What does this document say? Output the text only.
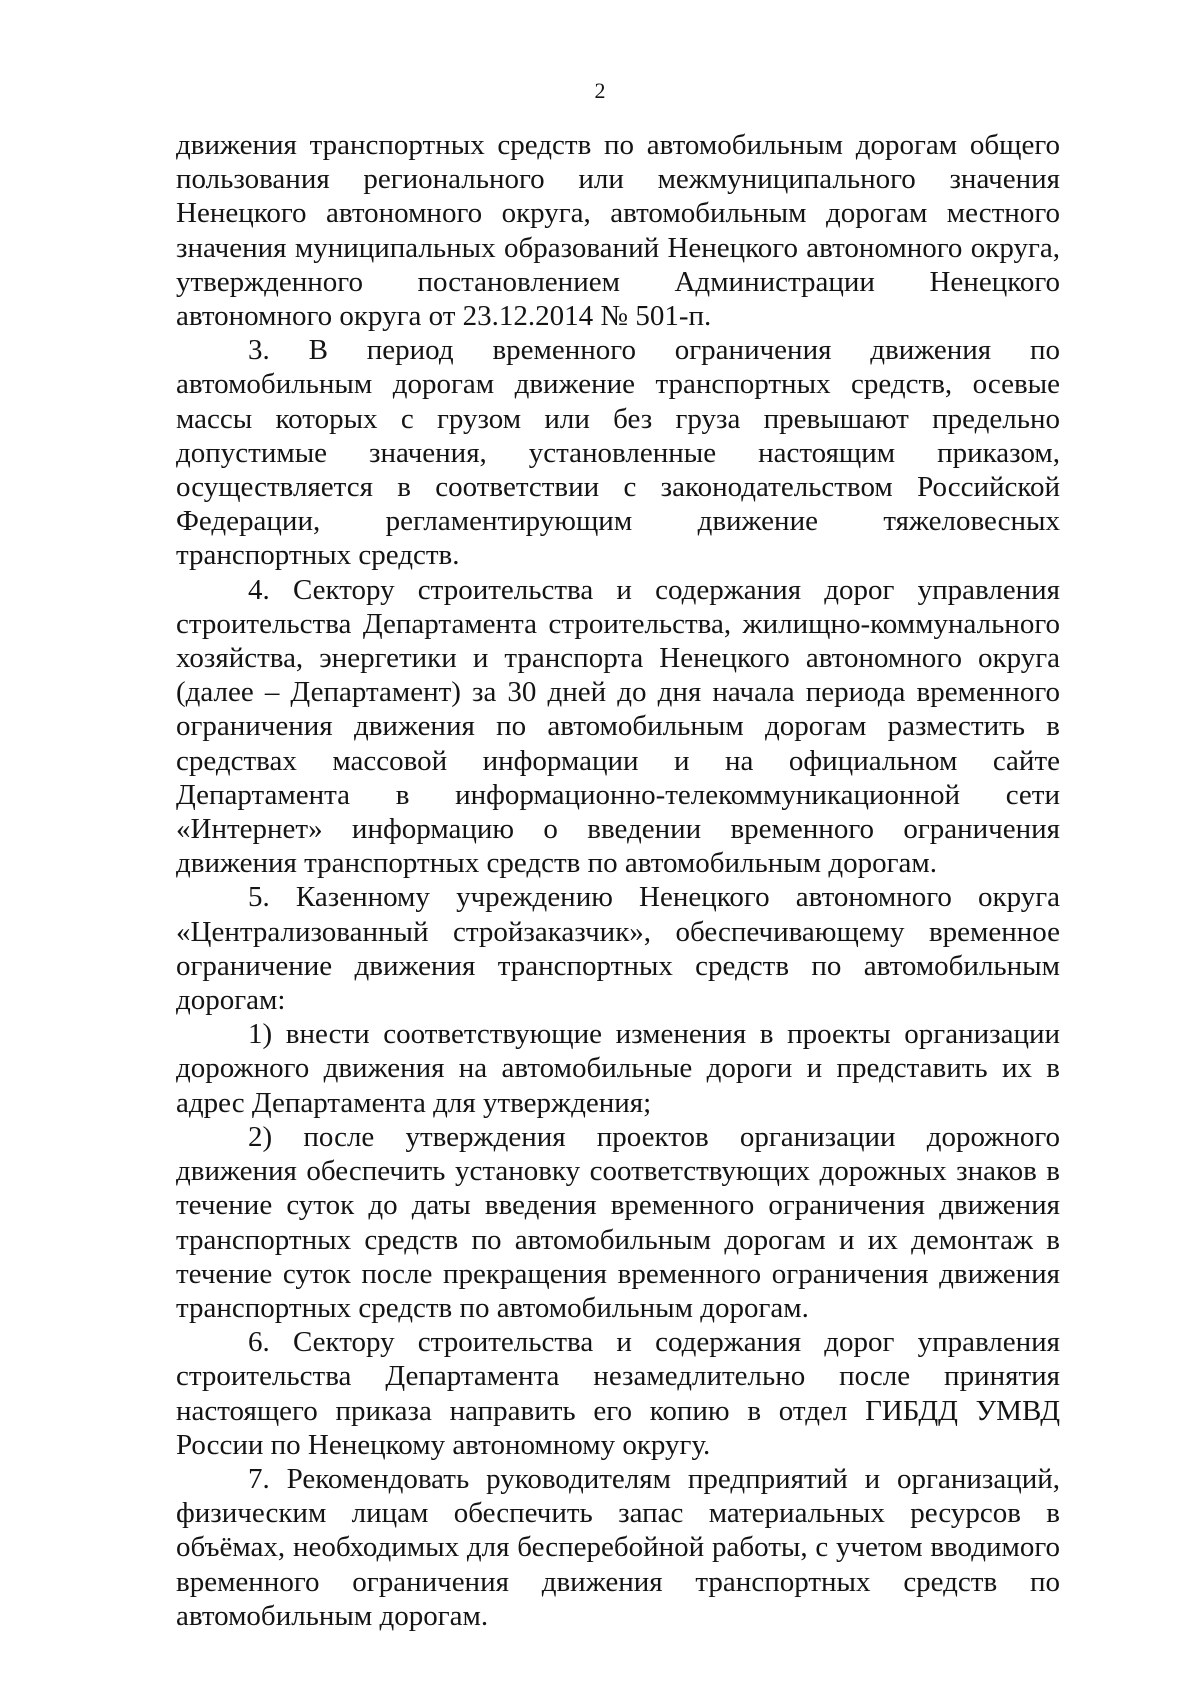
2

движения транспортных средств по автомобильным дорогам общего пользования регионального или межмуниципального значения Ненецкого автономного округа, автомобильным дорогам местного значения муниципальных образований Ненецкого автономного округа, утвержденного постановлением Администрации Ненецкого автономного округа от 23.12.2014 № 501-п.

3. В период временного ограничения движения по автомобильным дорогам движение транспортных средств, осевые массы которых с грузом или без груза превышают предельно допустимые значения, установленные настоящим приказом, осуществляется в соответствии с законодательством Российской Федерации, регламентирующим движение тяжеловесных транспортных средств.

4. Сектору строительства и содержания дорог управления строительства Департамента строительства, жилищно-коммунального хозяйства, энергетики и транспорта Ненецкого автономного округа (далее – Департамент) за 30 дней до дня начала периода временного ограничения движения по автомобильным дорогам разместить в средствах массовой информации и на официальном сайте Департамента в информационно-телекоммуникационной сети «Интернет» информацию о введении временного ограничения движения транспортных средств по автомобильным дорогам.

5. Казенному учреждению Ненецкого автономного округа «Централизованный стройзаказчик», обеспечивающему временное ограничение движения транспортных средств по автомобильным дорогам:

1) внести соответствующие изменения в проекты организации дорожного движения на автомобильные дороги и представить их в адрес Департамента для утверждения;

2) после утверждения проектов организации дорожного движения обеспечить установку соответствующих дорожных знаков в течение суток до даты введения временного ограничения движения транспортных средств по автомобильным дорогам и их демонтаж в течение суток после прекращения временного ограничения движения транспортных средств по автомобильным дорогам.

6. Сектору строительства и содержания дорог управления строительства Департамента незамедлительно после принятия настоящего приказа направить его копию в отдел ГИБДД УМВД России по Ненецкому автономному округу.

7. Рекомендовать руководителям предприятий и организаций, физическим лицам обеспечить запас материальных ресурсов в объёмах, необходимых для бесперебойной работы, с учетом вводимого временного ограничения движения транспортных средств по автомобильным дорогам.
